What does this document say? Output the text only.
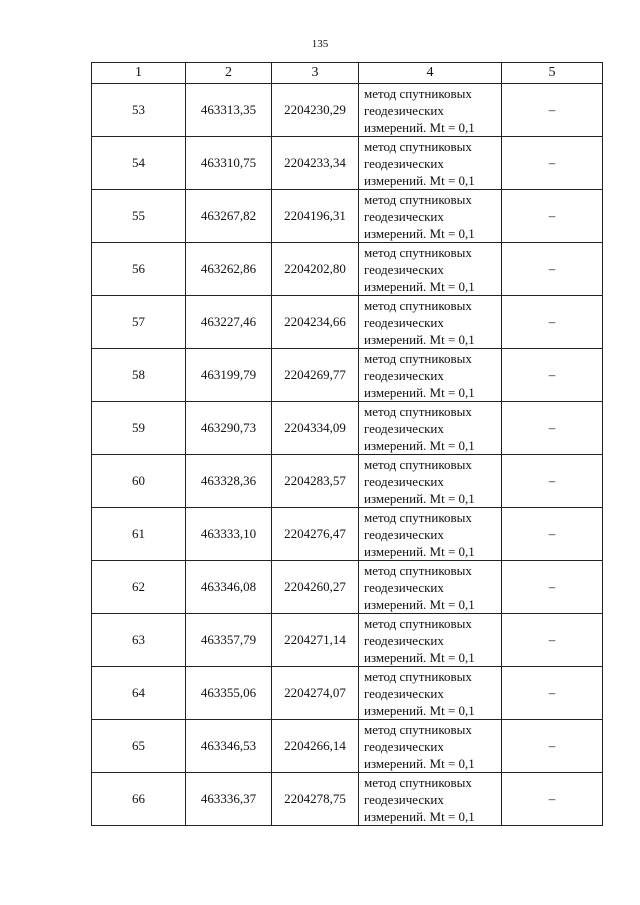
135
1	2	3	4	5
53	463313,35	2204230,29	метод спутниковых геодезических измерений. Mt = 0,1	–
54	463310,75	2204233,34	метод спутниковых геодезических измерений. Mt = 0,1	–
55	463267,82	2204196,31	метод спутниковых геодезических измерений. Mt = 0,1	–
56	463262,86	2204202,80	метод спутниковых геодезических измерений. Mt = 0,1	–
57	463227,46	2204234,66	метод спутниковых геодезических измерений. Mt = 0,1	–
58	463199,79	2204269,77	метод спутниковых геодезических измерений. Mt = 0,1	–
59	463290,73	2204334,09	метод спутниковых геодезических измерений. Mt = 0,1	–
60	463328,36	2204283,57	метод спутниковых геодезических измерений. Mt = 0,1	–
61	463333,10	2204276,47	метод спутниковых геодезических измерений. Mt = 0,1	–
62	463346,08	2204260,27	метод спутниковых геодезических измерений. Mt = 0,1	–
63	463357,79	2204271,14	метод спутниковых геодезических измерений. Mt = 0,1	–
64	463355,06	2204274,07	метод спутниковых геодезических измерений. Mt = 0,1	–
65	463346,53	2204266,14	метод спутниковых геодезических измерений. Mt = 0,1	–
66	463336,37	2204278,75	метод спутниковых геодезических измерений. Mt = 0,1	–
